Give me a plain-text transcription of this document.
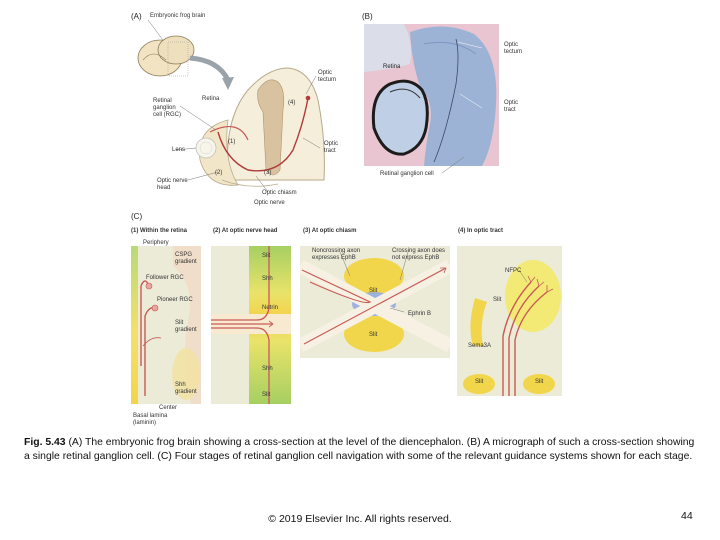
(A) Embryonic frog brain
Retina
Optic
tectum
Retinal
ganglion
cell (RGC)
Lens
Optic
tract
Optic nerve
head
Optic chiasm
Optic nerve
(1)
(2)	(3)
(4)
(B)
Optic
tectum
Retina
Optic
tract
Retinal ganglion cell
(C)
(1) Within the retina	(2) At optic nerve head	(3) At optic chiasm	(4) In optic tract
Periphery
CSPG
gradient
Follower RGC
Pioneer RGC
Slit
gradient
Shh
gradient
Center
Basal lamina
(laminin)
Slit
Shh
Netrin
Shh
Slit
Noncrossing axon
expresses EphB
Crossing axon does
not express EphB
Slit
Ephrin B
Slit
NFPC
Slit
Sema3A
Slit	Slit
Fig. 5.43 (A) The embryonic frog brain showing a cross-section at the level of the diencephalon. (B) A micrograph of such a cross-section showing a single retinal ganglion cell. (C) Four stages of retinal ganglion cell navigation with some of the relevant guidance systems shown for each stage.
© 2019 Elsevier Inc. All rights reserved.	44
